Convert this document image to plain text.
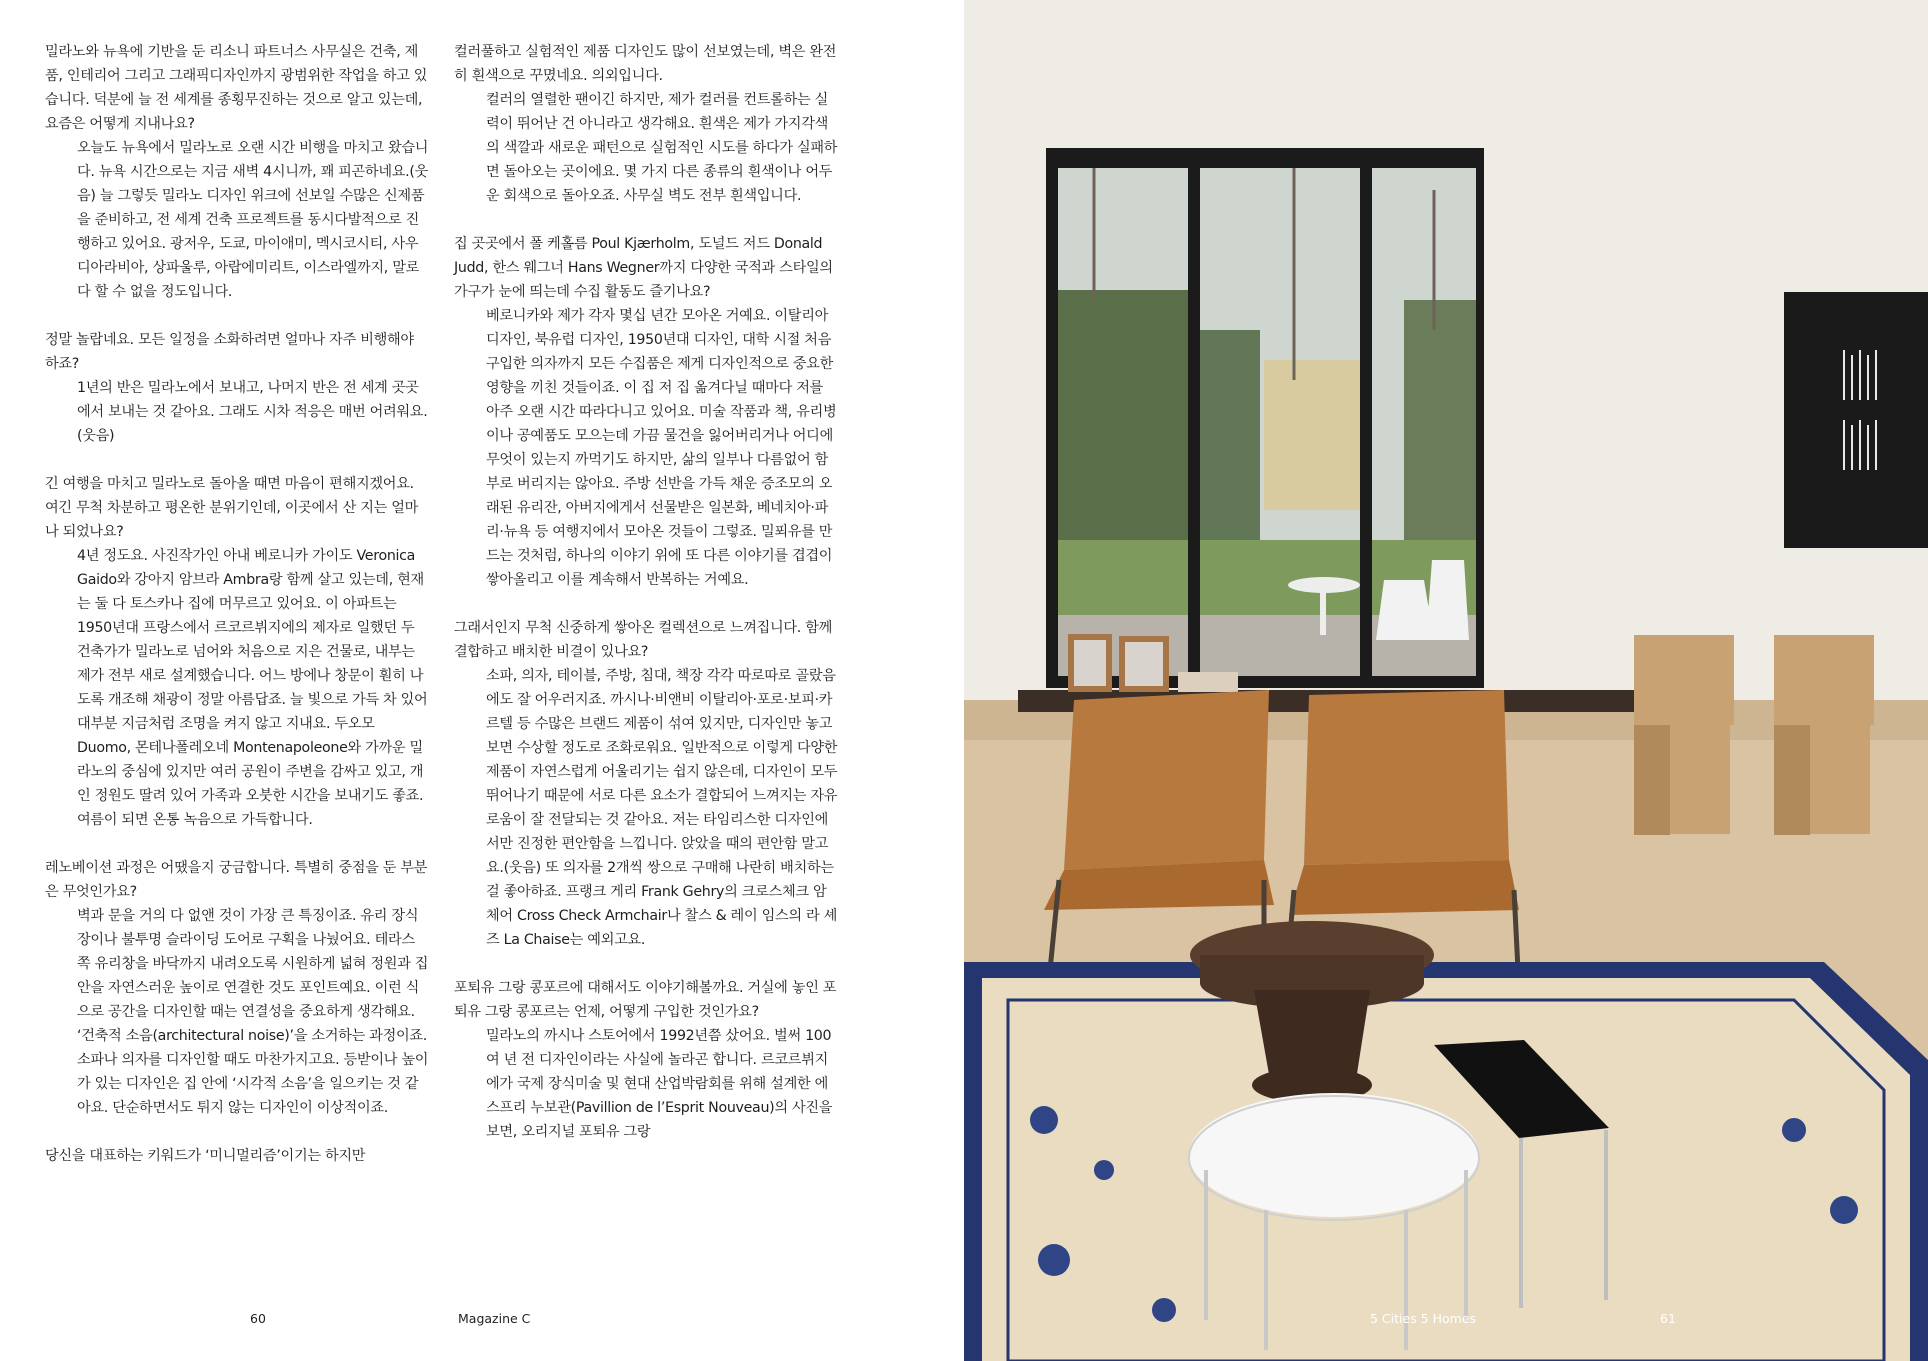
밀라노와 뉴욕에 기반을 둔 리소니 파트너스 사무실은 건축, 제품, 인테리어 그리고 그래픽디자인까지 광범위한 작업을 하고 있습니다. 덕분에 늘 전 세계를 종횡무진하는 것으로 알고 있는데, 요즘은 어떻게 지내나요?

오늘도 뉴욕에서 밀라노로 오랜 시간 비행을 마치고 왔습니다. 뉴욕 시간으로는 지금 새벽 4시니까, 꽤 피곤하네요.(웃음) 늘 그렇듯 밀라노 디자인 위크에 선보일 수많은 신제품을 준비하고, 전 세계 건축 프로젝트를 동시다발적으로 진행하고 있어요. 광저우, 도쿄, 마이애미, 멕시코시티, 사우디아라비아, 상파울루, 아랍에미리트, 이스라엘까지, 말로 다 할 수 없을 정도입니다.

정말 놀랍네요. 모든 일정을 소화하려면 얼마나 자주 비행해야 하죠?

1년의 반은 밀라노에서 보내고, 나머지 반은 전 세계 곳곳에서 보내는 것 같아요. 그래도 시차 적응은 매번 어려워요.(웃음)

긴 여행을 마치고 밀라노로 돌아올 때면 마음이 편해지겠어요. 여긴 무척 차분하고 평온한 분위기인데, 이곳에서 산 지는 얼마나 되었나요?

4년 정도요. 사진작가인 아내 베로니카 가이도 Veronica Gaido와 강아지 암브라 Ambra랑 함께 살고 있는데, 현재는 둘 다 토스카나 집에 머무르고 있어요. 이 아파트는 1950년대 프랑스에서 르코르뷔지에의 제자로 일했던 두 건축가가 밀라노로 넘어와 처음으로 지은 건물로, 내부는 제가 전부 새로 설계했습니다. 어느 방에나 창문이 훤히 나도록 개조해 채광이 정말 아름답죠. 늘 빛으로 가득 차 있어 대부분 지금처럼 조명을 켜지 않고 지내요. 두오모 Duomo, 몬테나폴레오네 Montenapoleone와 가까운 밀라노의 중심에 있지만 여러 공원이 주변을 감싸고 있고, 개인 정원도 딸려 있어 가족과 오붓한 시간을 보내기도 좋죠. 여름이 되면 온통 녹음으로 가득합니다.

레노베이션 과정은 어땠을지 궁금합니다. 특별히 중점을 둔 부분은 무엇인가요?

벽과 문을 거의 다 없앤 것이 가장 큰 특징이죠. 유리 장식장이나 불투명 슬라이딩 도어로 구획을 나눴어요. 테라스 쪽 유리창을 바닥까지 내려오도록 시원하게 넓혀 정원과 집 안을 자연스러운 높이로 연결한 것도 포인트예요. 이런 식으로 공간을 디자인할 때는 연결성을 중요하게 생각해요. ‘건축적 소음(architectural noise)’을 소거하는 과정이죠. 소파나 의자를 디자인할 때도 마찬가지고요. 등받이나 높이가 있는 디자인은 집 안에 ‘시각적 소음’을 일으키는 것 같아요. 단순하면서도 튀지 않는 디자인이 이상적이죠.

당신을 대표하는 키워드가 ‘미니멀리즘’이기는 하지만

컬러풀하고 실험적인 제품 디자인도 많이 선보였는데, 벽은 완전히 흰색으로 꾸몄네요. 의외입니다.

컬러의 열렬한 팬이긴 하지만, 제가 컬러를 컨트롤하는 실력이 뛰어난 건 아니라고 생각해요. 흰색은 제가 가지각색의 색깔과 새로운 패턴으로 실험적인 시도를 하다가 실패하면 돌아오는 곳이에요. 몇 가지 다른 종류의 흰색이나 어두운 회색으로 돌아오죠. 사무실 벽도 전부 흰색입니다.

집 곳곳에서 폴 케홀름 Poul Kjærholm, 도널드 저드 Donald Judd, 한스 웨그너 Hans Wegner까지 다양한 국적과 스타일의 가구가 눈에 띄는데 수집 활동도 즐기나요?

베로니카와 제가 각자 몇십 년간 모아온 거예요. 이탈리아 디자인, 북유럽 디자인, 1950년대 디자인, 대학 시절 처음 구입한 의자까지 모든 수집품은 제게 디자인적으로 중요한 영향을 끼친 것들이죠. 이 집 저 집 옮겨다닐 때마다 저를 아주 오랜 시간 따라다니고 있어요. 미술 작품과 책, 유리병이나 공예품도 모으는데 가끔 물건을 잃어버리거나 어디에 무엇이 있는지 까먹기도 하지만, 삶의 일부나 다름없어 함부로 버리지는 않아요. 주방 선반을 가득 채운 증조모의 오래된 유리잔, 아버지에게서 선물받은 일본화, 베네치아·파리·뉴욕 등 여행지에서 모아온 것들이 그렇죠. 밀푀유를 만드는 것처럼, 하나의 이야기 위에 또 다른 이야기를 겹겹이 쌓아올리고 이를 계속해서 반복하는 거예요.

그래서인지 무척 신중하게 쌓아온 컬렉션으로 느껴집니다. 함께 결합하고 배치한 비결이 있나요?

소파, 의자, 테이블, 주방, 침대, 책장 각각 따로따로 골랐음에도 잘 어우러지죠. 까시나·비앤비 이탈리아·포로·보피·카르텔 등 수많은 브랜드 제품이 섞여 있지만, 디자인만 놓고 보면 수상할 정도로 조화로워요. 일반적으로 이렇게 다양한 제품이 자연스럽게 어울리기는 쉽지 않은데, 디자인이 모두 뛰어나기 때문에 서로 다른 요소가 결합되어 느껴지는 자유로움이 잘 전달되는 것 같아요. 저는 타임리스한 디자인에서만 진정한 편안함을 느낍니다. 앉았을 때의 편안함 말고요.(웃음) 또 의자를 2개씩 쌍으로 구매해 나란히 배치하는 걸 좋아하죠. 프랭크 게리 Frank Gehry의 크로스체크 암체어 Cross Check Armchair나 찰스 & 레이 임스의 라 셰즈 La Chaise는 예외고요.

포퇴유 그랑 콩포르에 대해서도 이야기해볼까요. 거실에 놓인 포퇴유 그랑 콩포르는 언제, 어떻게 구입한 것인가요?

밀라노의 까시나 스토어에서 1992년쯤 샀어요. 벌써 100여 년 전 디자인이라는 사실에 놀라곤 합니다. 르코르뷔지에가 국제 장식미술 및 현대 산업박람회를 위해 설계한 에스프리 누보관(Pavillion de l’Esprit Nouveau)의 사진을 보면, 오리지널 포퇴유 그랑

60	Magazine C	5 Cities 5 Homes	61
